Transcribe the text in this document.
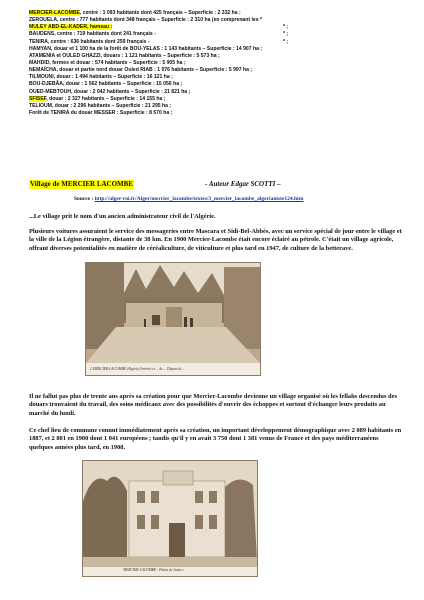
MERCIER-LACOMBE, centre : 1 093 habitants dont 425 français – Superficie : 2 332 ha ;
ZEROUELA, centre : 777 habitants dont 348 français – Superficie : 2 310 ha (en comprenant les *
MULEY ABD-EL-KADER, hameau :	* ;
BAUDENS, centre : 719 habitants dont 241 français -	* ;
TENIRA, centre : 636 habitants dont 259 français -	* ;
HAMYAN, douar et 1 100 ha de la forêt de BOU-YELAS : 1 143 habitants – Superficie : 14 907 ha ;
ATAMENIA et OULED GHAZZI, douars : 1 121 habitants – Superficie : 5 573 ha ;
MAHDID, fermes et douar : 574 habitants – Superficie : 5 905 ha ;
NEMAÏCHA, douar et partie nord douar Ouled RIAB : 1 076 habitants – Superficie : 5 997 ha ;
TILMOUNI, douar : 1 494 habitants – Superficie : 16 121 ha ;
BOU-DJEBÂA, douar : 1 562 habitants – Superficie : 15 056 ha ;
OUED-MEBTOUH, douar : 2 042 habitants – Superficie : 21 821 ha ;
SFISEF, douar : 2 327 habitants – Superficie : 14 155 ha ;
TELIOUM, douar : 2 296 habitants – Superficie : 21 295 ha ;
Forêt de TENIRA du douar MESSER : Superficie : 8 570 ha ;
Village de MERCIER LACOMBE	- Auteur Edgar SCOTTI –
Source : http://alger-roi.fr/Alger/mercier_lacombe/textes/3_mercier_lacombe_algerianiste124.htm

...Le village prit le nom d'un ancien administrateur civil de l'Algérie.

Plusieurs voitures assuraient le service des messageries entre Mascara et Sidi-Bel-Abbès, avec un service spécial de jour entre le village et la ville de la Légion étrangère, distante de 38 km. En 1900 Mercier-Lacombe était encore éclairé au pétrole. C'était un village agricole, offrant diverses potentialités en matière de céréaliculture, de viticulture et plus tard en 1947, de culture de la betterave.

2 MERCIER-LACOMBE (Algérie) Arrivée et ... de ... Départ de ...

Il ne fallut pas plus de trente ans après sa création pour que Mercier-Lacombe devienne un village organisé où les fellahs descendus des douars trouvaient du travail, des soins médicaux avec des possibilités d'ouvrir des échoppes et surtout d'échanger leurs produits au marché du lundi.

Ce chef lieu de commune connut immédiatement après sa création, un important développement démographique avec 2 089 habitants en 1887, et 2 801 en 1900 dont 1 041 européens ; tandis qu'il y en avait 3 750 dont 1 381 venus de France et des pays méditerranéens quelques années plus tard, en 1908.

MERCIER-LACOMBE - Palais de Justice
